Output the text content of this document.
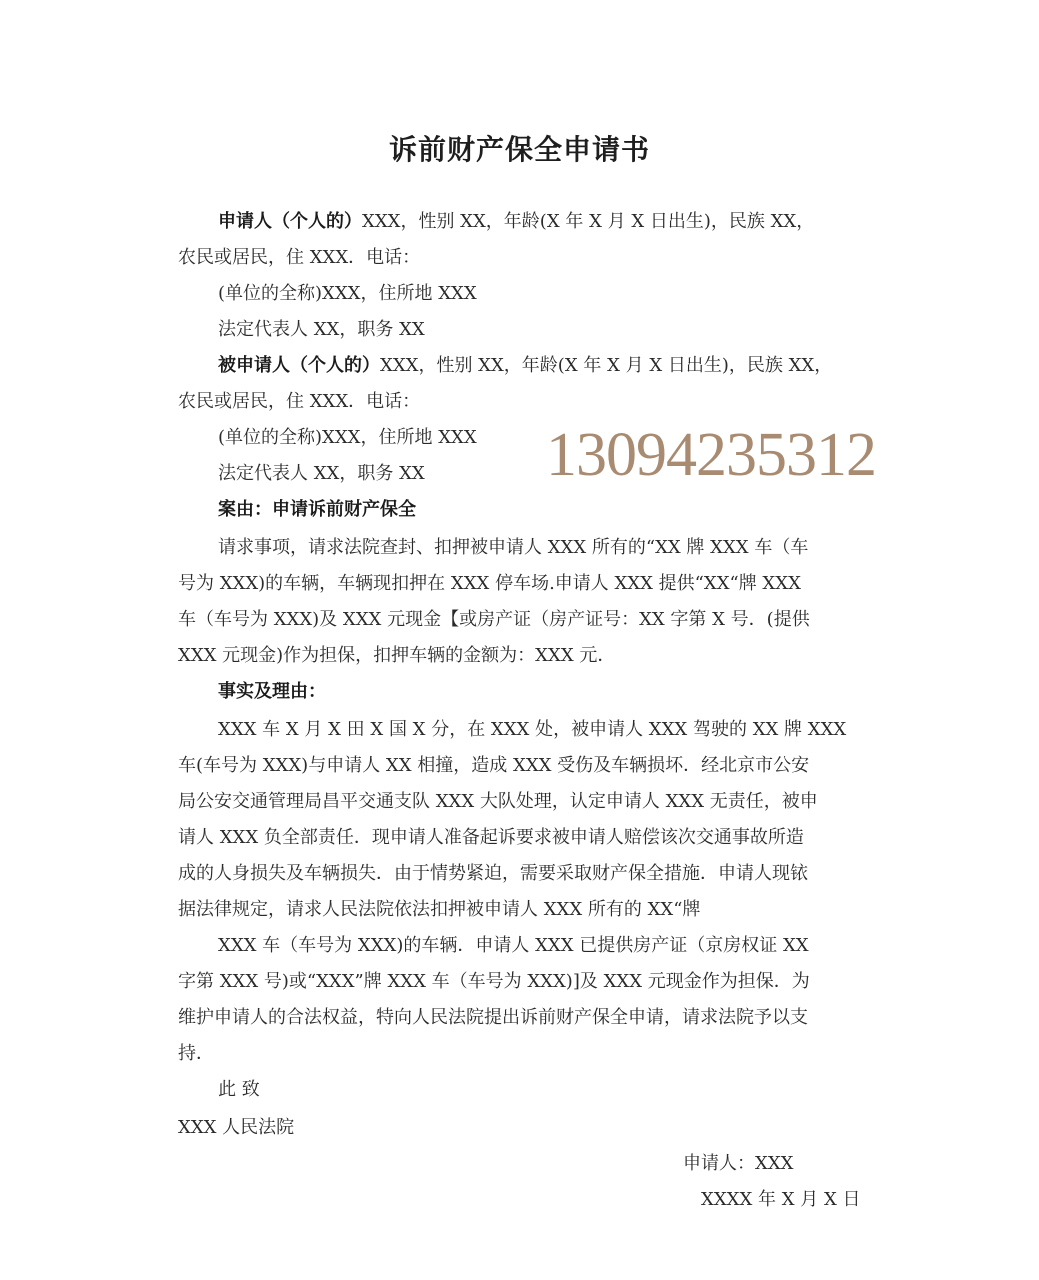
诉前财产保全申请书
申请人（个人的）XXX，性别 XX，年龄(X 年 X 月 X 日出生)，民族 XX，
农民或居民，住 XXX．电话：
(单位的全称)XXX，住所地 XXX
法定代表人 XX，职务 XX
被申请人（个人的）XXX，性别 XX，年龄(X 年 X 月 X 日出生)，民族 XX，
农民或居民，住 XXX．电话：
(单位的全称)XXX，住所地 XXX
法定代表人 XX，职务 XX
案由：申请诉前财产保全
请求事项，请求法院查封、扣押被申请人 XXX 所有的“XX 牌 XXX 车（车
号为 XXX)的车辆，车辆现扣押在 XXX 停车场.申请人 XXX 提供“XX“牌 XXX
车（车号为 XXX)及 XXX 元现金【或房产证（房产证号：XX 字第 X 号．(提供
XXX 元现金)作为担保，扣押车辆的金额为：XXX 元．
事实及理由：
XXX 车 X 月 X 田 X 国 X 分，在 XXX 处，被申请人 XXX 驾驶的 XX 牌 XXX
车(车号为 XXX)与申请人 XX 相撞，造成 XXX 受伤及车辆损坏．经北京市公安
局公安交通管理局昌平交通支队 XXX 大队处理，认定申请人 XXX 无责任，被申
请人 XXX 负全部责任．现申请人准备起诉要求被申请人赔偿该次交通事故所造
成的人身损失及车辆损失．由于情势紧迫，需要采取财产保全措施．申请人现铱
据法律规定，请求人民法院依法扣押被申请人 XXX 所有的 XX“牌
XXX 车（车号为 XXX)的车辆．申请人 XXX 已提供房产证（京房权证 XX
字第 XXX 号)或“XXX”牌 XXX 车（车号为 XXX)]及 XXX 元现金作为担保．为
维护申请人的合法权益，特向人民法院提出诉前财产保全申请，请求法院予以支
持．
此 致
XXX 人民法院
13094235312
申请人：XXX
XXXX 年 X 月 X 日
